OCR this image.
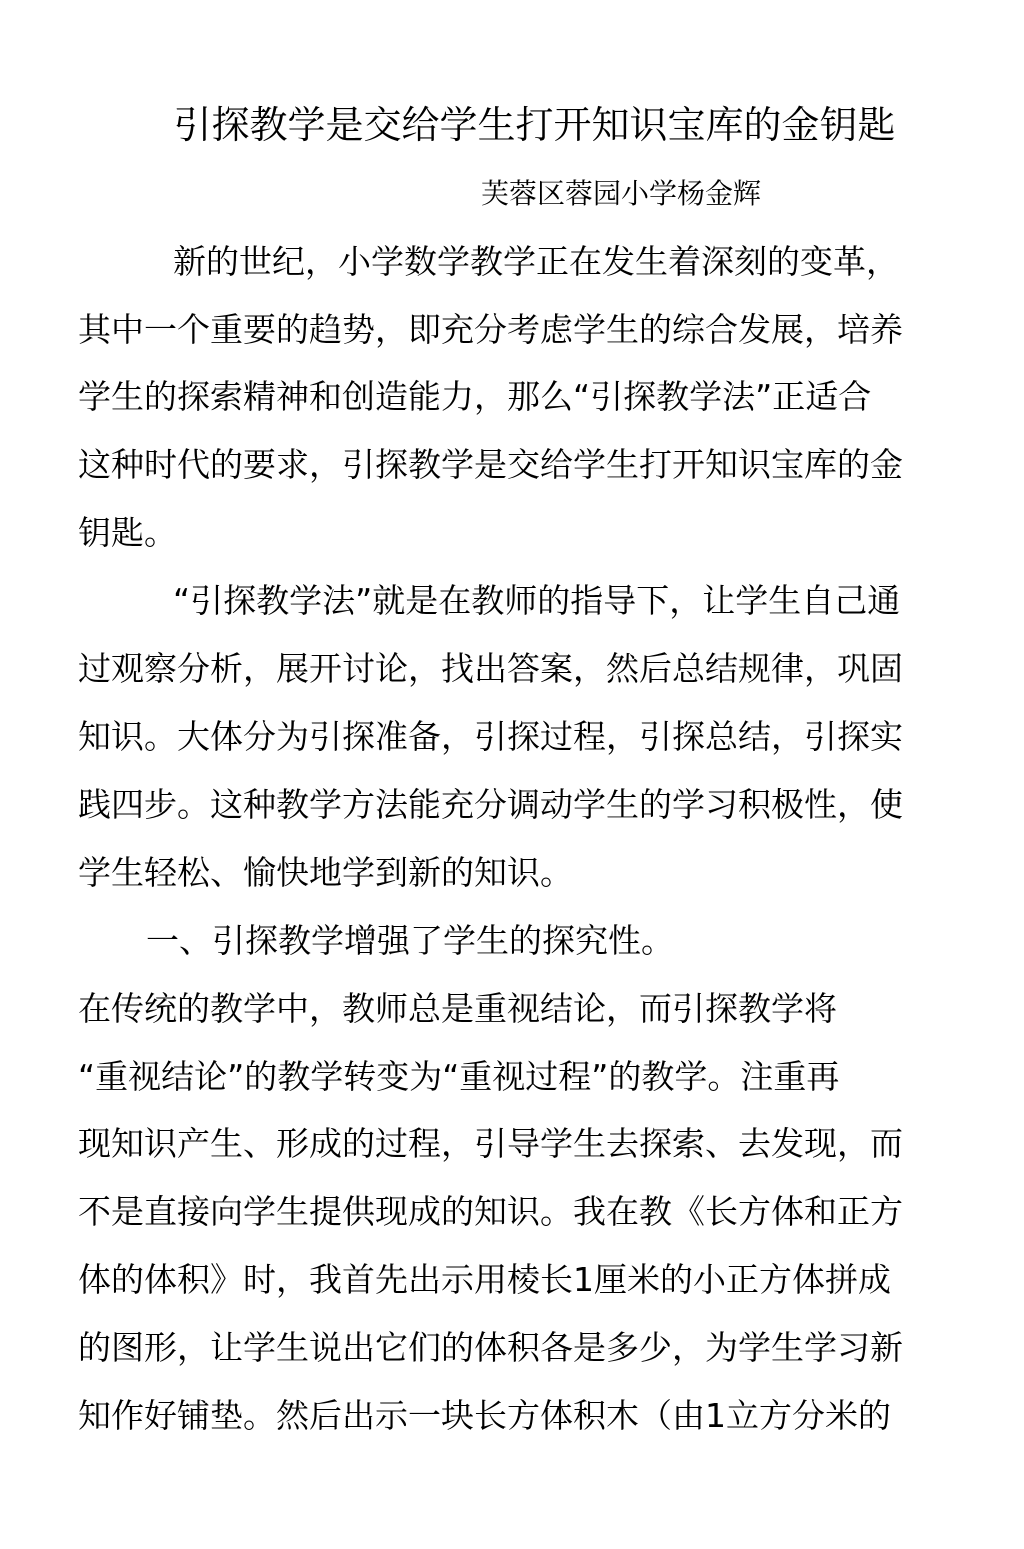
引探教学是交给学生打开知识宝库的金钥匙
芙蓉区蓉园小学杨金辉
新的世纪，小学数学教学正在发生着深刻的变革，
其中一个重要的趋势，即充分考虑学生的综合发展，培养
学生的探索精神和创造能力，那么“引探教学法”正适合
这种时代的要求，引探教学是交给学生打开知识宝库的金
钥匙。
“引探教学法”就是在教师的指导下，让学生自己通
过观察分析，展开讨论，找出答案，然后总结规律，巩固
知识。大体分为引探准备，引探过程，引探总结，引探实
践四步。这种教学方法能充分调动学生的学习积极性，使
学生轻松、愉快地学到新的知识。
一、引探教学增强了学生的探究性。
在传统的教学中，教师总是重视结论，而引探教学将
“重视结论”的教学转变为“重视过程”的教学。注重再
现知识产生、形成的过程，引导学生去探索、去发现，而
不是直接向学生提供现成的知识。我在教《长方体和正方
体的体积》时，我首先出示用棱长1厘米的小正方体拼成
的图形，让学生说出它们的体积各是多少，为学生学习新
知作好铺垫。然后出示一块长方体积木（由1立方分米的
